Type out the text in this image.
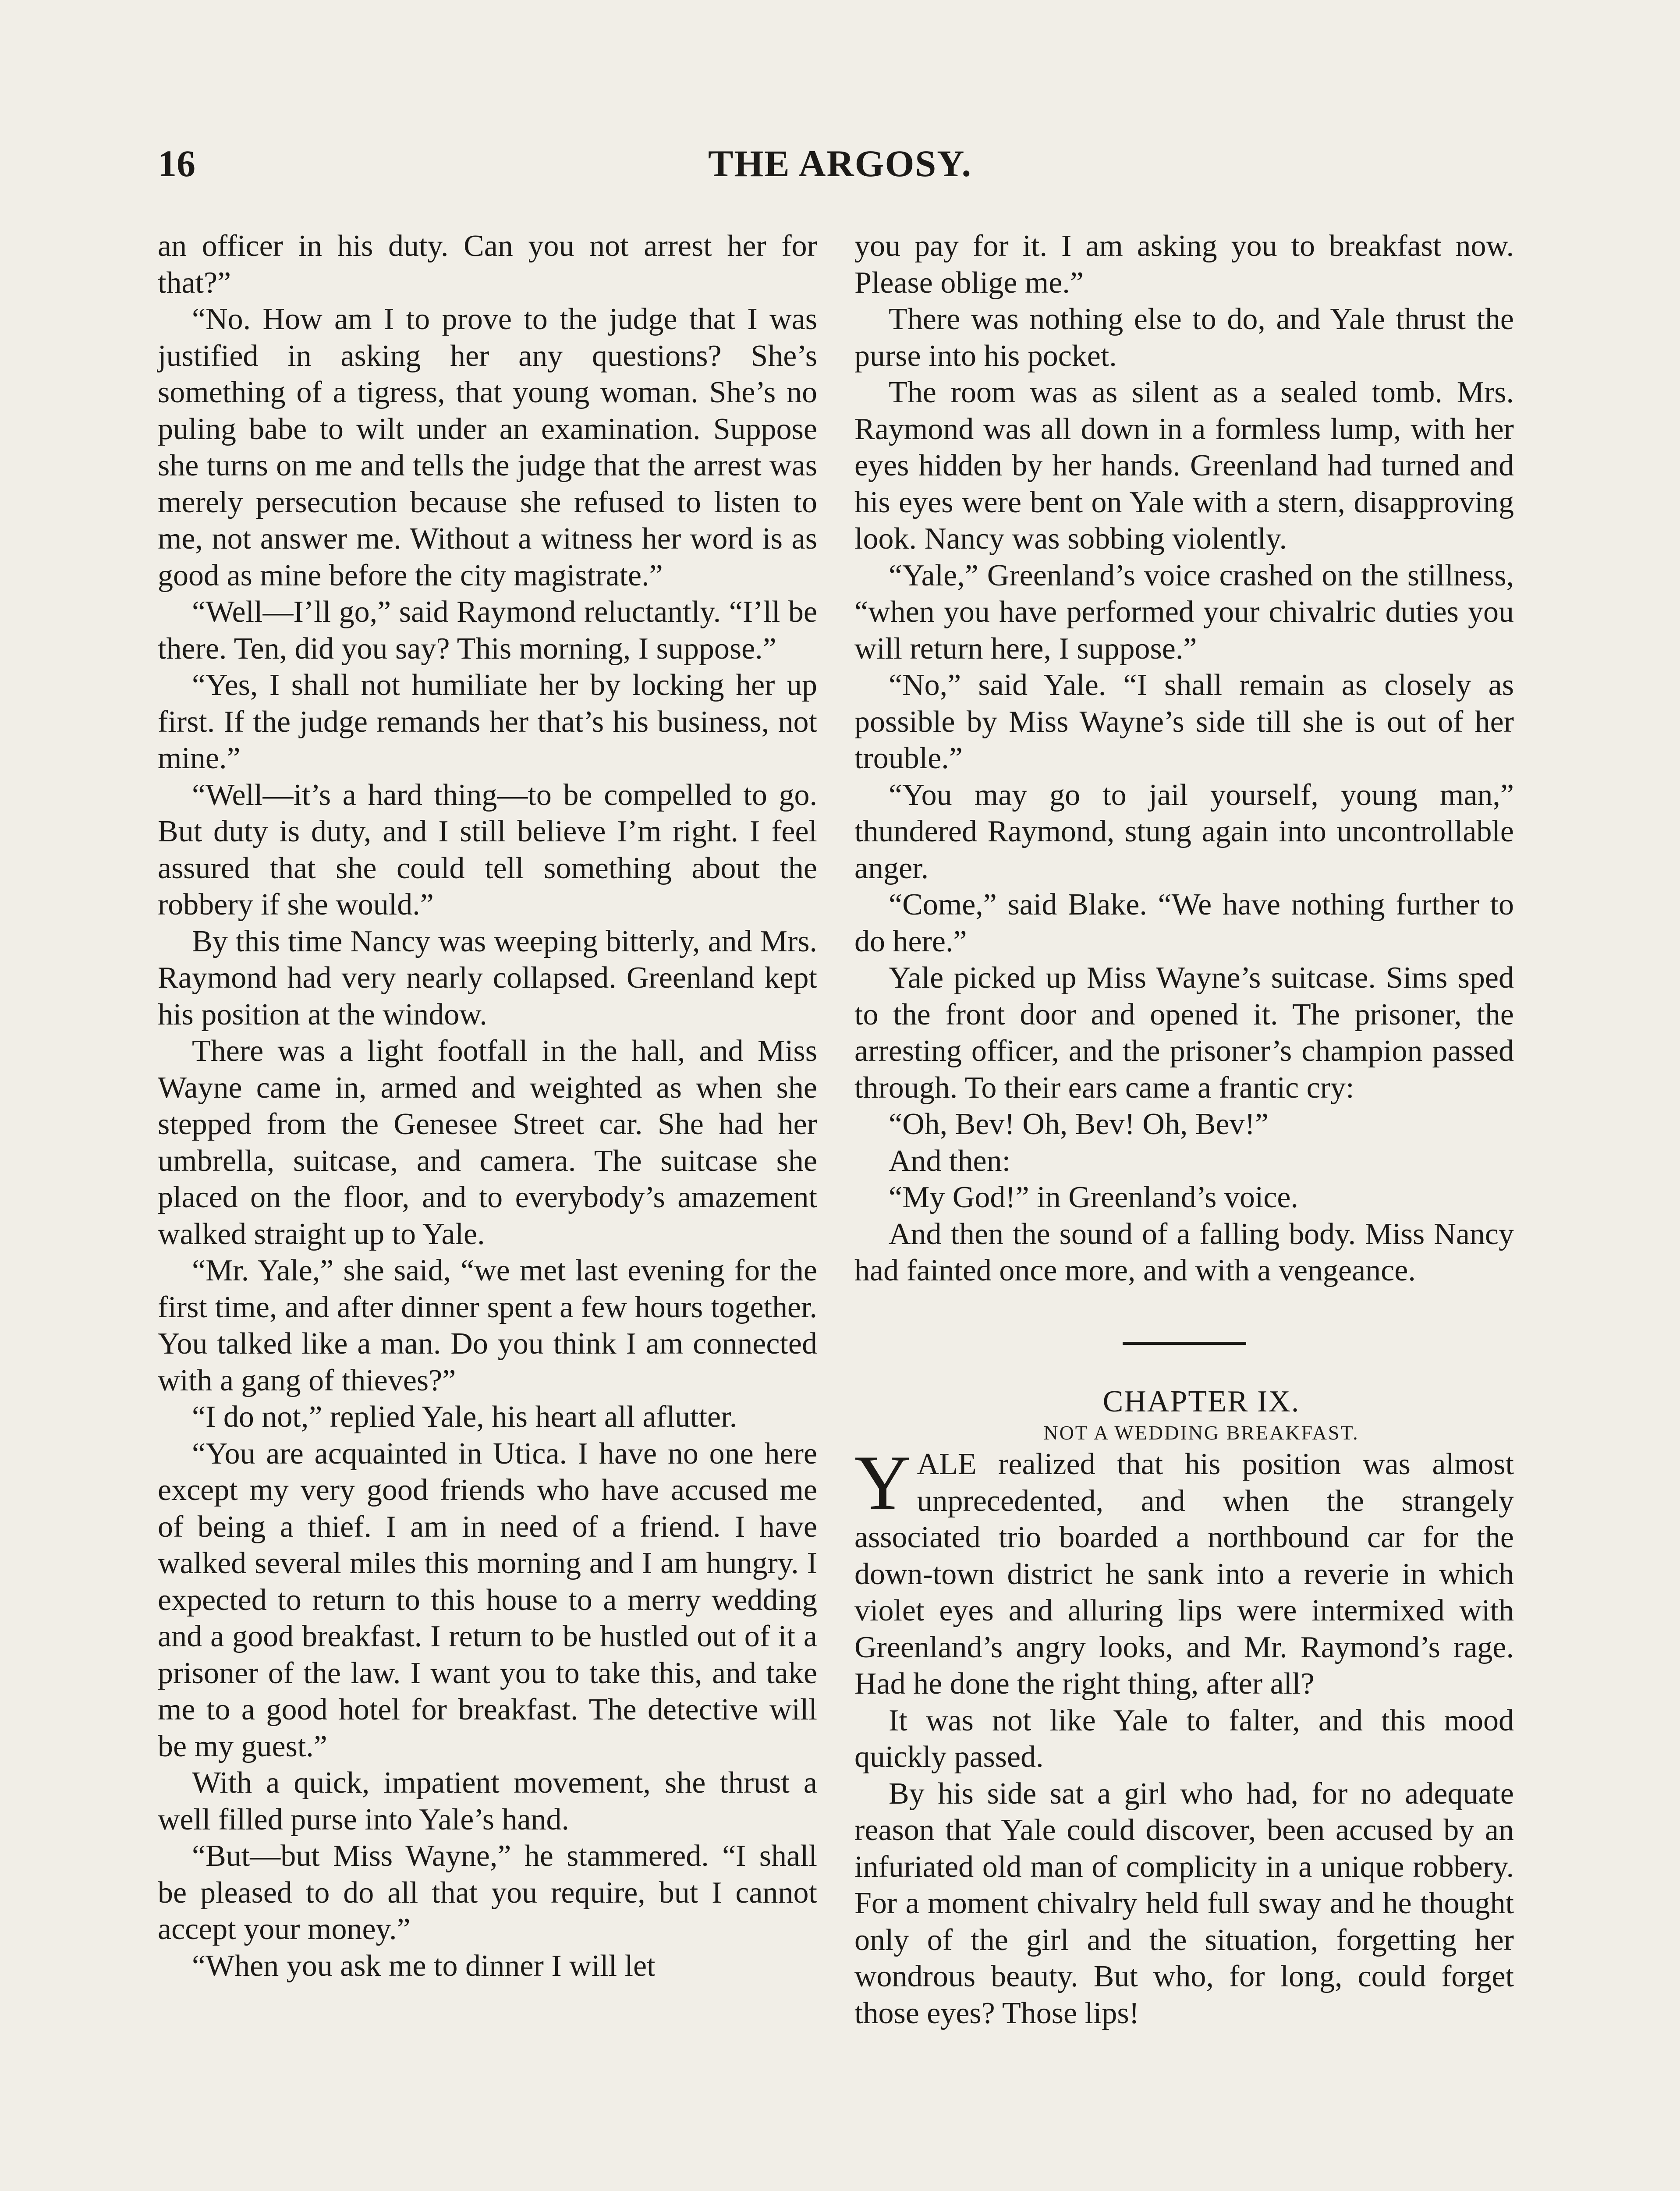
16	THE ARGOSY.

an officer in his duty. Can you not arrest her for that?”

“No. How am I to prove to the judge that I was justified in asking her any questions? She’s something of a tigress, that young woman. She’s no puling babe to wilt under an examination. Suppose she turns on me and tells the judge that the arrest was merely persecution because she refused to listen to me, not answer me. Without a witness her word is as good as mine before the city magistrate.”

“Well—I’ll go,” said Raymond reluctantly. “I’ll be there. Ten, did you say? This morning, I suppose.”

“Yes, I shall not humiliate her by locking her up first. If the judge remands her that’s his business, not mine.”

“Well—it’s a hard thing—to be compelled to go. But duty is duty, and I still believe I’m right. I feel assured that she could tell something about the robbery if she would.”

By this time Nancy was weeping bitterly, and Mrs. Raymond had very nearly collapsed. Greenland kept his position at the window.

There was a light footfall in the hall, and Miss Wayne came in, armed and weighted as when she stepped from the Genesee Street car. She had her umbrella, suitcase, and camera. The suitcase she placed on the floor, and to everybody’s amazement walked straight up to Yale.

“Mr. Yale,” she said, “we met last evening for the first time, and after dinner spent a few hours together. You talked like a man. Do you think I am connected with a gang of thieves?”

“I do not,” replied Yale, his heart all aflutter.

“You are acquainted in Utica. I have no one here except my very good friends who have accused me of being a thief. I am in need of a friend. I have walked several miles this morning and I am hungry. I expected to return to this house to a merry wedding and a good breakfast. I return to be hustled out of it a prisoner of the law. I want you to take this, and take me to a good hotel for breakfast. The detective will be my guest.”

With a quick, impatient movement, she thrust a well filled purse into Yale’s hand.

“But—but Miss Wayne,” he stammered. “I shall be pleased to do all that you require, but I cannot accept your money.”

“When you ask me to dinner I will let

you pay for it. I am asking you to breakfast now. Please oblige me.”

There was nothing else to do, and Yale thrust the purse into his pocket.

The room was as silent as a sealed tomb. Mrs. Raymond was all down in a formless lump, with her eyes hidden by her hands. Greenland had turned and his eyes were bent on Yale with a stern, disapproving look. Nancy was sobbing violently.

“Yale,” Greenland’s voice crashed on the stillness, “when you have performed your chivalric duties you will return here, I suppose.”

“No,” said Yale. “I shall remain as closely as possible by Miss Wayne’s side till she is out of her trouble.”

“You may go to jail yourself, young man,” thundered Raymond, stung again into uncontrollable anger.

“Come,” said Blake. “We have nothing further to do here.”

Yale picked up Miss Wayne’s suitcase. Sims sped to the front door and opened it. The prisoner, the arresting officer, and the prisoner’s champion passed through. To their ears came a frantic cry:

“Oh, Bev! Oh, Bev! Oh, Bev!”

And then:

“My God!” in Greenland’s voice.

And then the sound of a falling body. Miss Nancy had fainted once more, and with a vengeance.

CHAPTER IX.

NOT A WEDDING BREAKFAST.

YALE realized that his position was almost unprecedented, and when the strangely associated trio boarded a northbound car for the down-town district he sank into a reverie in which violet eyes and alluring lips were intermixed with Greenland’s angry looks, and Mr. Raymond’s rage. Had he done the right thing, after all?

It was not like Yale to falter, and this mood quickly passed.

By his side sat a girl who had, for no adequate reason that Yale could discover, been accused by an infuriated old man of complicity in a unique robbery. For a moment chivalry held full sway and he thought only of the girl and the situation, forgetting her wondrous beauty. But who, for long, could forget those eyes? Those lips!
